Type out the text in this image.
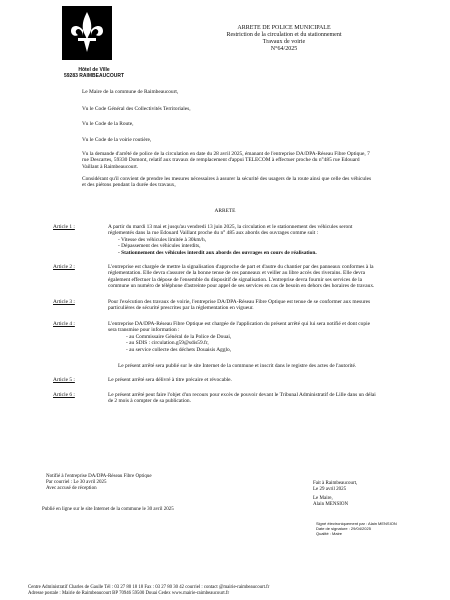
ARRETE DE POLICE MUNICIPALE
Restriction de la circulation et du stationnement
Travaux de voirie
N°64/2025
Hôtel de Ville
59283 RAIMBEAUCOURT
Le Maire de la commune de Raimbeaucourt,
Vu le Code Général des Collectivités Territoriales,
Vu le Code de la Route,
Vu le Code de la voirie routière,
Vu la demande d'arrêté de police de la circulation en date du 28 avril 2025, émanant de l'entreprise DA/DPA-Réseau Fibre Optique, 7 rue Descartes, 59330 Domont, relatif aux travaux de remplacement d'appui TELECOM à effectuer proche du n°485 rue Edouard Vaillant à Raimbeaucourt.
Considérant qu'il convient de prendre les mesures nécessaires à assurer la sécurité des usagers de la route ainsi que celle des véhicules et des piétons pendant la durée des travaux,
ARRETE
Article 1 :	A partir du mardi 13 mai et jusqu'au vendredi 13 juin 2025, la circulation et le stationnement des véhicules seront réglementés dans la rue Edouard Vaillant proche du n° 485 aux abords des ouvrages comme suit :
- Vitesse des véhicules limitée à 30km/h,
- Dépassement des véhicules interdits,
- Stationnement des véhicules interdit aux abords des ouvrages en cours de réalisation.
Article 2 :	L'entreprise est chargée de mettre la signalisation d'approche de part et d'autre du chantier par des panneaux conformes à la réglementation. Elle devra s'assurer de la bonne tenue de ces panneaux et veiller au libre accès des riverains. Elle devra également effectuer la dépose de l'ensemble du dispositif de signalisation. L'entreprise devra fournir ses services de la commune un numéro de téléphone d'astreinte pour appel de ses services en cas de besoin en dehors des horaires de travaux.
Article 3 :	Pour l'exécution des travaux de voirie, l'entreprise DA/DPA-Réseau Fibre Optique est tenue de se conformer aux mesures particulières de sécurité prescrites par la réglementation en vigueur.
Article 4 :	L'entreprise DA/DPA-Réseau Fibre Optique est chargée de l'application du présent arrêté qui lui sera notifié et dont copie sera transmise pour information :
- au Commissaire Général de la Police de Douai,
- au SDIS : circulation.g59@sdis59.fr,
- au service collecte des déchets Douaisis Agglo,
Le présent arrêté sera publié sur le site Internet de la commune et inscrit dans le registre des actes de l'autorité.
Article 5 :	Le présent arrêté sera délivré à titre précaire et révocable.
Article 6 :	Le présent arrêté peut faire l'objet d'un recours pour excès de pouvoir devant le Tribunal Administratif de Lille dans un délai de 2 mois à compter de sa publication.
Notifié à l'entreprise DA/DPA-Réseau Fibre Optique
Par courriel : Le 30 avril 2025
Avec accusé de réception
Publié en ligne sur le site Internet de la commune le 30 avril 2025
Fait à Raimbeaucourt,
Le 29 avril 2025
Le Maire,
Alain MENSION
Signé électroniquement par : Alain MENSION
Date de signature : 29/04/2025
Qualité : Maire
Centre Administratif Charles de Gaulle Tél : 03 27 80 18 18 Fax : 03 27 80 30 42 courriel : contact @mairie-raimbeaucourt.fr
Adresse postale : Mairie de Raimbeaucourt BP 70946 59500 Douai Cedex www.mairie-raimbeaucourt.fr
